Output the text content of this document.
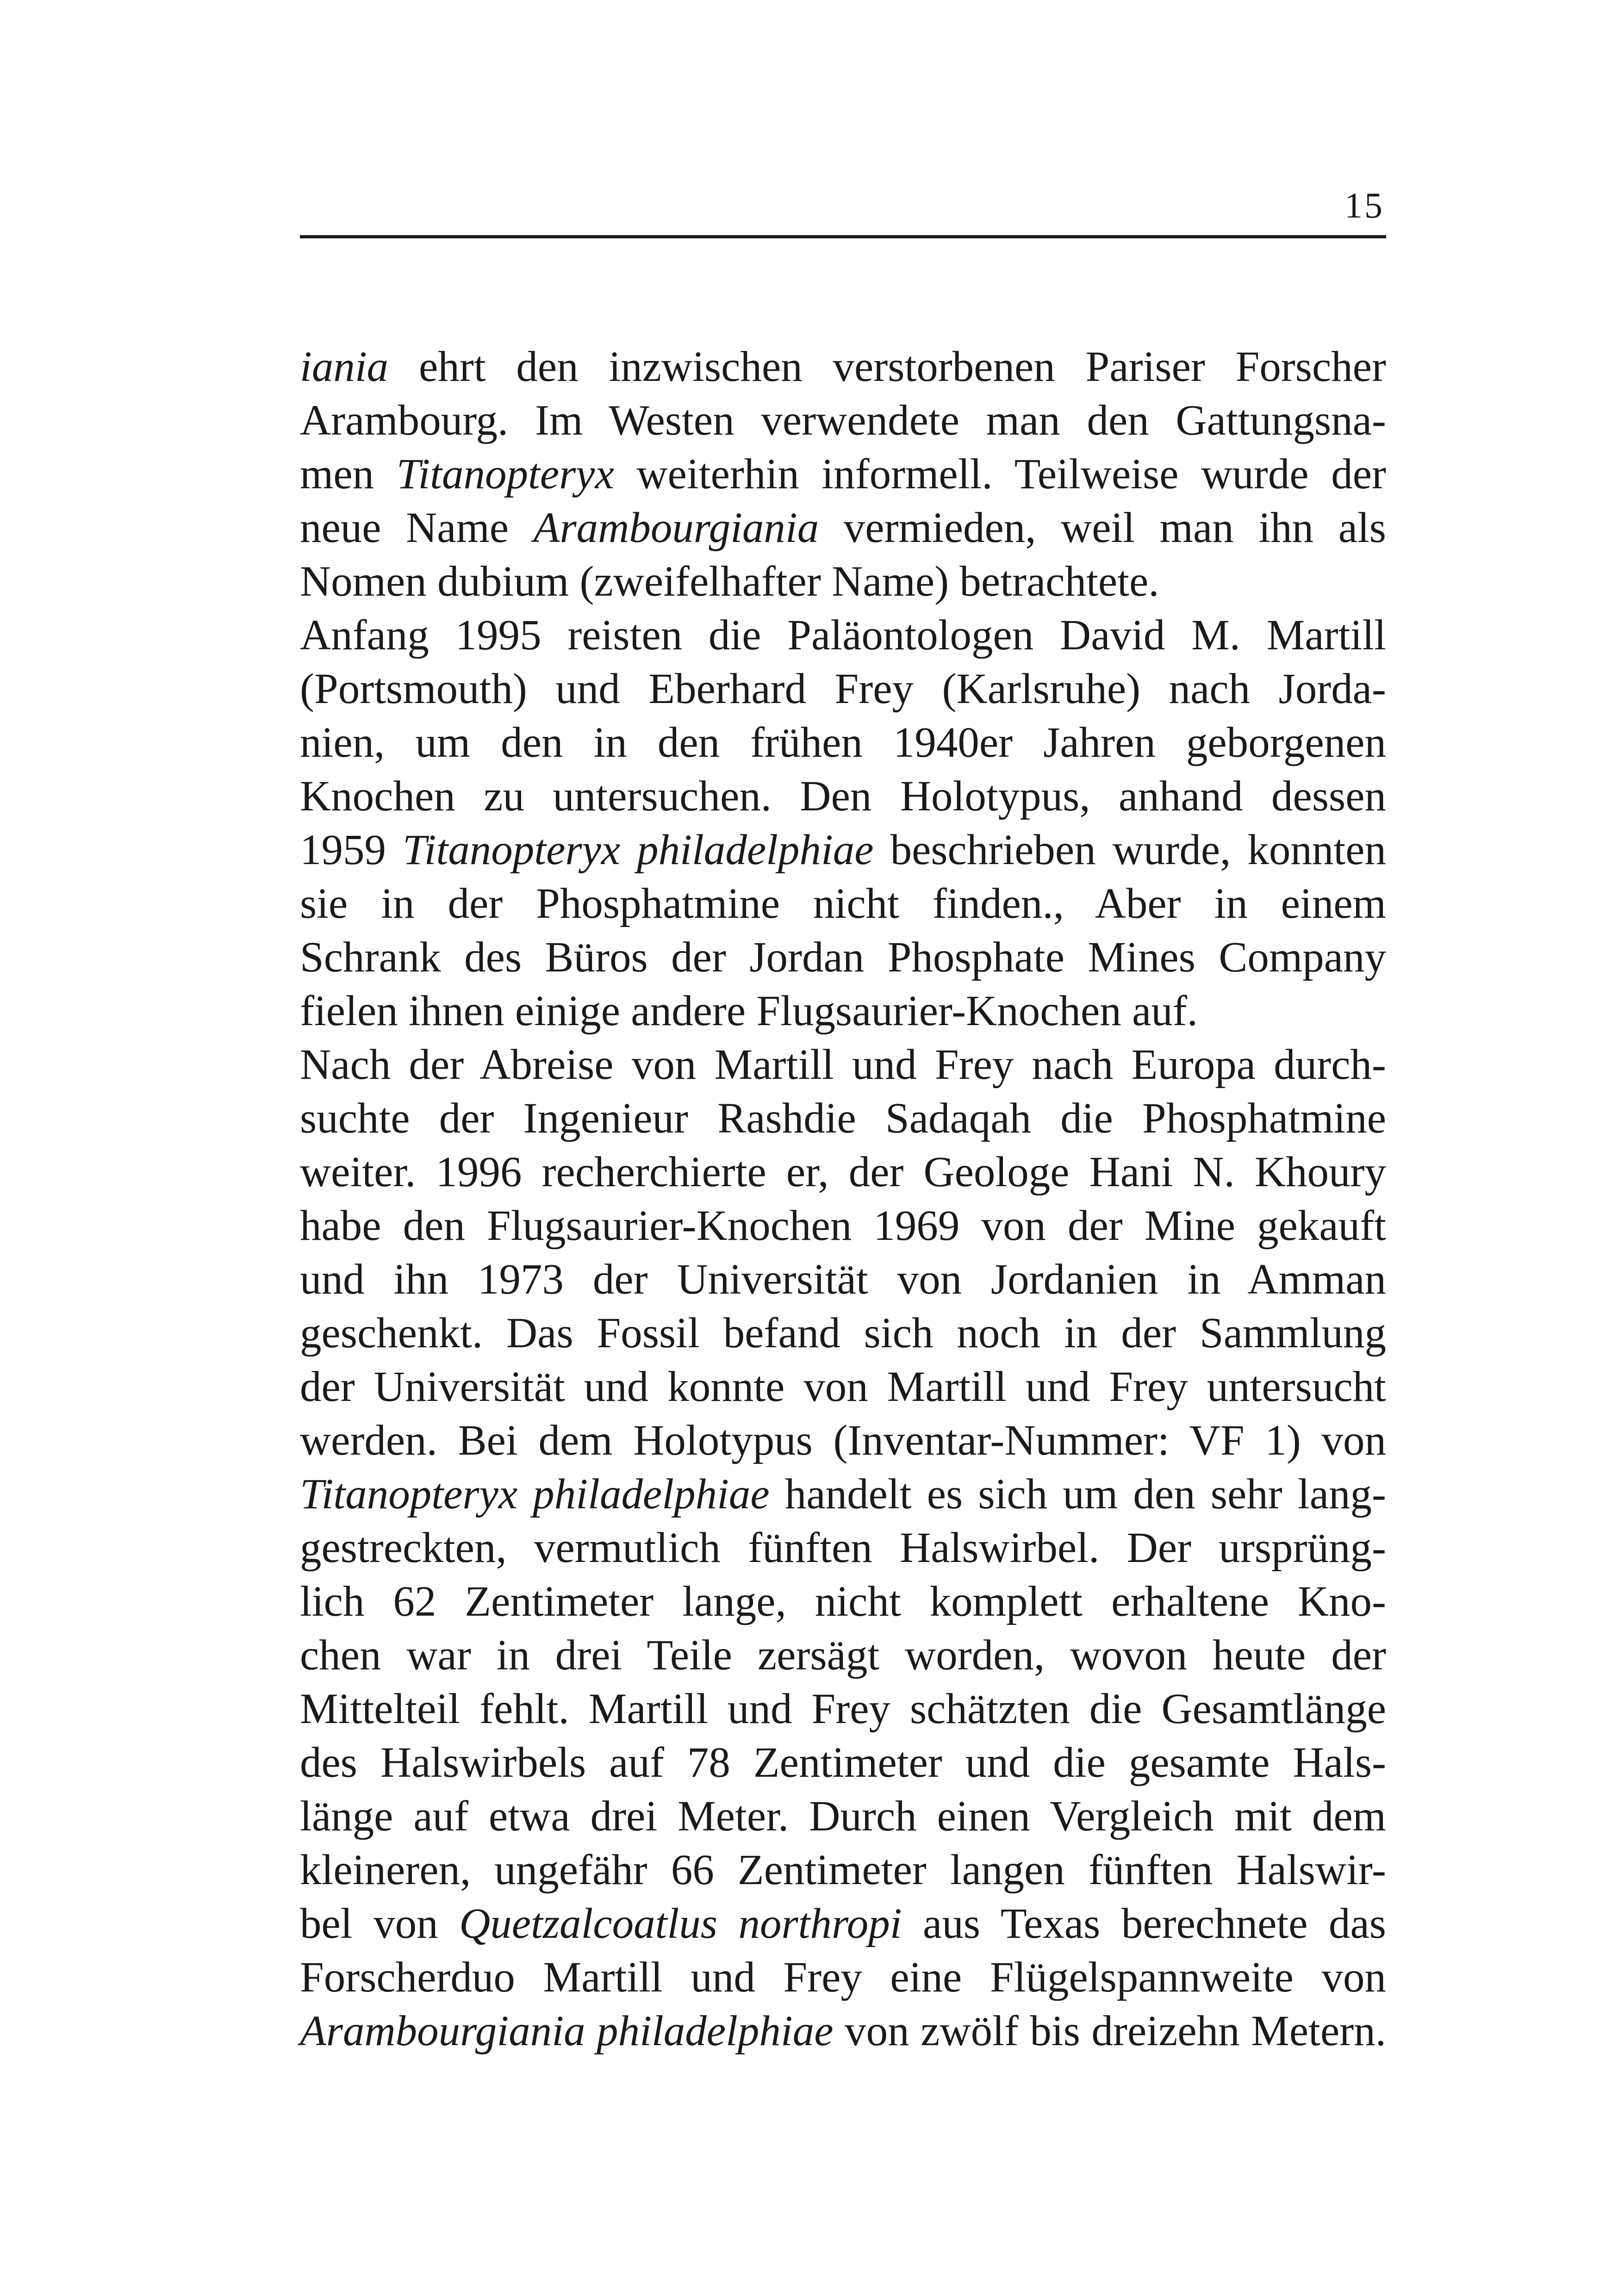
15
iania ehrt den inzwischen verstorbenen Pariser Forscher
Arambourg. Im Westen verwendete man den Gattungsna-
men Titanopteryx weiterhin informell. Teilweise wurde der
neue Name Arambourgiania vermieden, weil man ihn als
Nomen dubium (zweifelhafter Name) betrachtete.
Anfang 1995 reisten die Paläontologen David M. Martill
(Portsmouth) und Eberhard Frey (Karlsruhe) nach Jorda-
nien, um den in den frühen 1940er Jahren geborgenen
Knochen zu untersuchen. Den Holotypus, anhand dessen
1959 Titanopteryx philadelphiae beschrieben wurde, konnten
sie in der Phosphatmine nicht finden., Aber in einem
Schrank des Büros der Jordan Phosphate Mines Company
fielen ihnen einige andere Flugsaurier-Knochen auf.
Nach der Abreise von Martill und Frey nach Europa durch-
suchte der Ingenieur Rashdie Sadaqah die Phosphatmine
weiter. 1996 recherchierte er, der Geologe Hani N. Khoury
habe den Flugsaurier-Knochen 1969 von der Mine gekauft
und ihn 1973 der Universität von Jordanien in Amman
geschenkt. Das Fossil befand sich noch in der Sammlung
der Universität und konnte von Martill und Frey untersucht
werden. Bei dem Holotypus (Inventar-Nummer: VF 1) von
Titanopteryx philadelphiae handelt es sich um den sehr lang-
gestreckten, vermutlich fünften Halswirbel. Der ursprüng-
lich 62 Zentimeter lange, nicht komplett erhaltene Kno-
chen war in drei Teile zersägt worden, wovon heute der
Mittelteil fehlt. Martill und Frey schätzten die Gesamtlänge
des Halswirbels auf 78 Zentimeter und die gesamte Hals-
länge auf etwa drei Meter. Durch einen Vergleich mit dem
kleineren, ungefähr 66 Zentimeter langen fünften Halswir-
bel von Quetzalcoatlus northropi aus Texas berechnete das
Forscherduo Martill und Frey eine Flügelspannweite von
Arambourgiania philadelphiae von zwölf bis dreizehn Metern.
